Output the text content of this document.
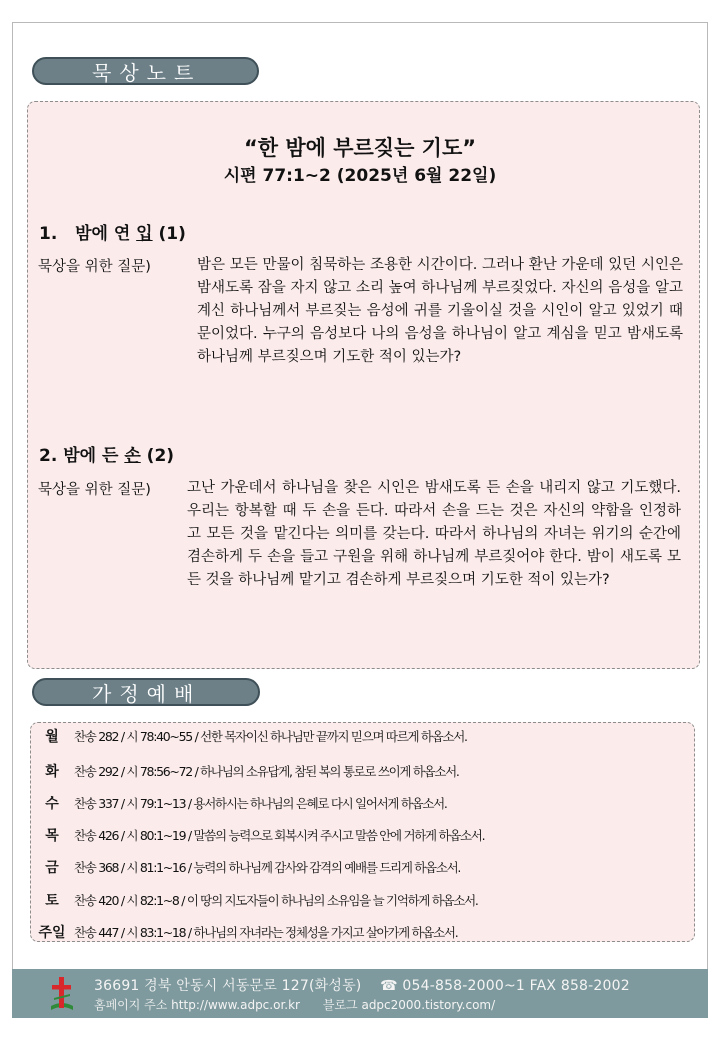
묵상노트
“한 밤에 부르짖는 기도”
시편 77:1~2 (2025년 6월 22일)
1. 밤에 연 입 (1)
묵상을 위한 질문)	밤은 모든 만물이 침묵하는 조용한 시간이다. 그러나 환난 가운데 있던 시인은 밤새도록 잠을 자지 않고 소리 높여 하나님께 부르짖었다. 자신의 음성을 알고 계신 하나님께서 부르짖는 음성에 귀를 기울이실 것을 시인이 알고 있었기 때문이었다. 누구의 음성보다 나의 음성을 하나님이 알고 계심을 믿고 밤새도록 하나님께 부르짖으며 기도한 적이 있는가?
2. 밤에 든 손 (2)
묵상을 위한 질문) 고난 가운데서 하나님을 찾은 시인은 밤새도록 든 손을 내리지 않고 기도했다. 우리는 항복할 때 두 손을 든다. 따라서 손을 드는 것은 자신의 약함을 인정하고 모든 것을 맡긴다는 의미를 갖는다. 따라서 하나님의 자녀는 위기의 순간에 겸손하게 두 손을 들고 구원을 위해 하나님께 부르짖어야 한다. 밤이 새도록 모든 것을 하나님께 맡기고 겸손하게 부르짖으며 기도한 적이 있는가?
가정예배
월	찬송 282 / 시 78:40~55 / 선한 목자이신 하나님만 끝까지 믿으며 따르게 하옵소서.
화	찬송 292 / 시 78:56~72 / 하나님의 소유답게, 참된 복의 통로로 쓰이게 하옵소서.
수	찬송 337 / 시 79:1~13 / 용서하시는 하나님의 은혜로 다시 일어서게 하옵소서.
목	찬송 426 / 시 80:1~19 / 말씀의 능력으로 회복시켜 주시고 말씀 안에 거하게 하옵소서.
금	찬송 368 / 시 81:1~16 / 능력의 하나님께 감사와 감격의 예배를 드리게 하옵소서.
토	찬송 420 / 시 82:1~8 / 이 땅의 지도자들이 하나님의 소유임을 늘 기억하게 하옵소서.
주일 찬송 447 / 시 83:1~18 / 하나님의 자녀라는 정체성을 가지고 살아가게 하옵소서.
36691 경북 안동시 서동문로 127(화성동) ☎ 054-858-2000~1 FAX 858-2002
홈페이지 주소 http://www.adpc.or.kr 블로그 adpc2000.tistory.com/
